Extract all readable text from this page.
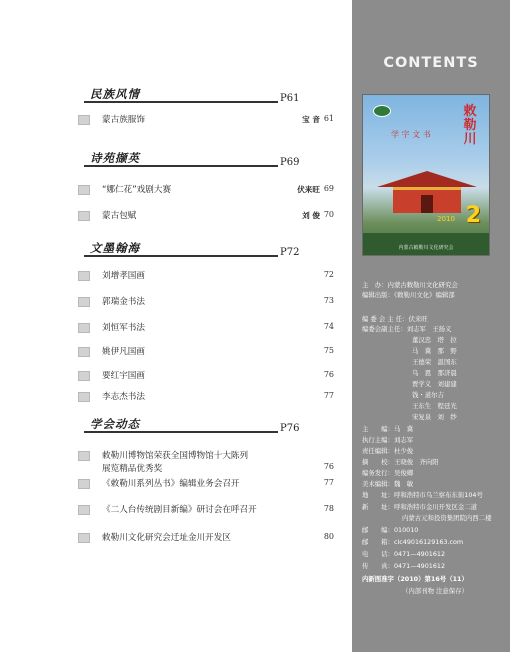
民族风情	P61
蒙古族服饰	宝 音 61
诗苑撷英	P69
“娜仁花”戏剧大赛	伏来旺 69
蒙古包赋	刘 俊 70
文墨翰海	P72
刘增孝国画	72
郭瑞金书法	73
刘恒军书法	74
姚伊凡国画	75
要红宇国画	76
李志杰书法	77
学会动态	P76
敕勒川博物馆荣获全国博物馆十大陈列
展览精品优秀奖	76
《敕勒川系列丛书》编辑业务会召开	77
《二人台传统剧目新编》研讨会在呼召开	78
敕勒川文化研究会迁址金川开发区	80
CONTENTS
敕勒川
学 字 文 书
2010 2
内蒙古敕勒川文化研究会
主　办：内蒙古敕勒川文化研究会
编辑出版：《敕勒川文化》编辑部
编 委 会 主 任：伏来旺
编委会副主任：刘志军　王扬义
董汉忠　塔　拉
马　冀　那　野
王德荣　温国东
乌　恩　那济晨
贾学义　刘建建
钱・道尔吉
王东生　程廷光
宋复泉　刘　纱
主　　编：马　冀
执行主编：刘志军
责任编辑：杜少俊
摘　　校：王晓俊　齐向阳
编务发行：吴俊卿
美术编辑：魏　敏
地　　址：呼和浩特市乌兰察布东街104号
新　　址：呼和浩特市金川开发区金二道
内蒙古元和投资集团院内西二楼
邮　　编：010010
邮　　箱：clc49016129163.com
电　　话：0471—4901612
传　　真：0471—4901612
内新图准字（2010）第16号（11）
（内部刊物 注意保存）
